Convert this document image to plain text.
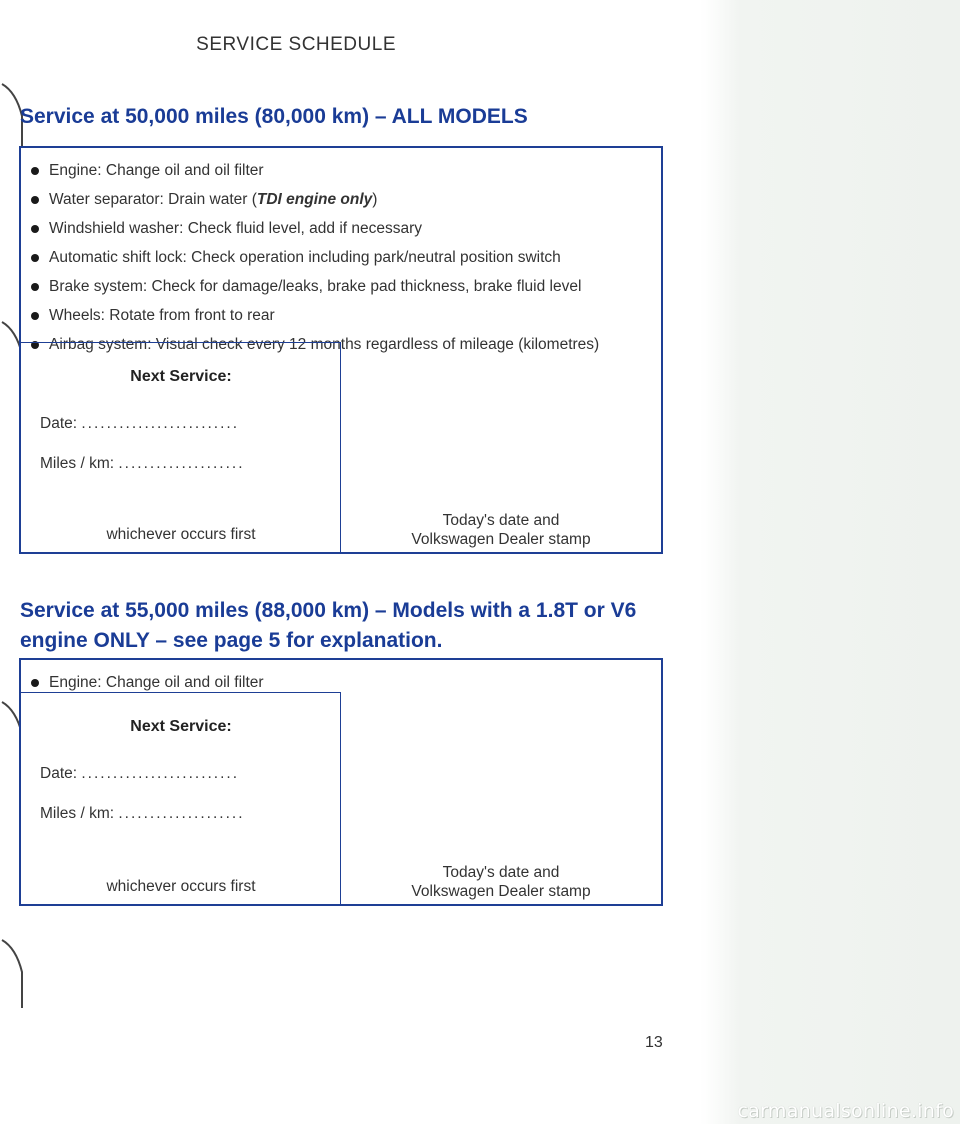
SERVICE SCHEDULE
Service at 50,000 miles (80,000 km) – ALL MODELS
Engine: Change oil and oil filter
Water separator: Drain water (TDI engine only)
Windshield washer: Check fluid level, add if necessary
Automatic shift lock: Check operation including park/neutral position switch
Brake system: Check for damage/leaks, brake pad thickness, brake fluid level
Wheels: Rotate from front to rear
Airbag system: Visual check every 12 months regardless of mileage (kilometres)
Next Service:
Date: .........................
Miles / km: ....................
whichever occurs first
Today's date and
Volkswagen Dealer stamp
Service at 55,000 miles (88,000 km) – Models with a 1.8T or V6
engine ONLY – see page 5 for explanation.
Engine: Change oil and oil filter
Next Service:
Date: .........................
Miles / km: ....................
whichever occurs first
Today's date and
Volkswagen Dealer stamp
13
carmanualsonline.info
